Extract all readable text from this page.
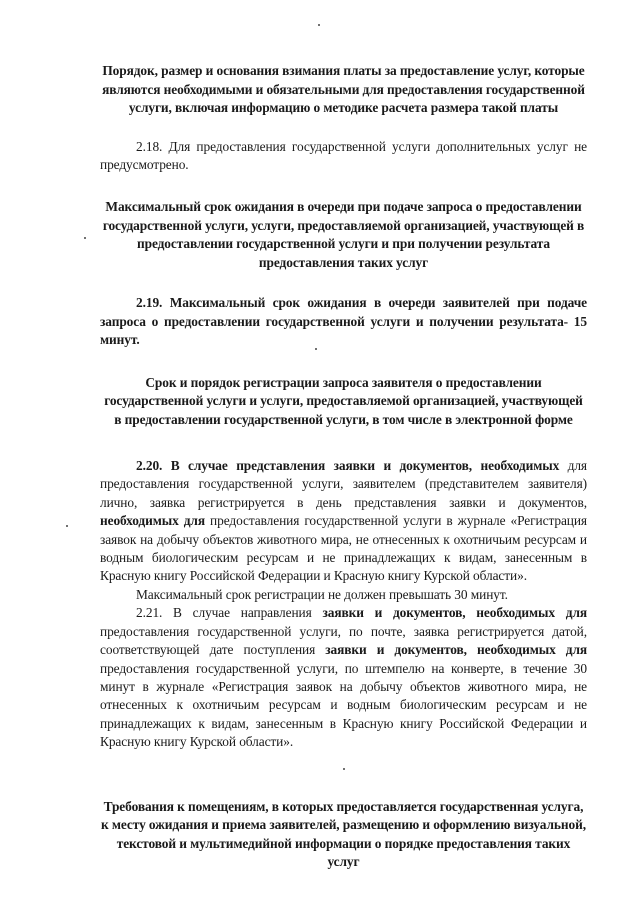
Порядок, размер и основания взимания платы за предоставление услуг, которые являются необходимыми и обязательными для предоставления государственной услуги, включая информацию о методике расчета размера такой платы

2.18. Для предоставления государственной услуги дополнительных услуг не предусмотрено.

Максимальный срок ожидания в очереди при подаче запроса о предоставлении государственной услуги, услуги, предоставляемой организацией, участвующей в предоставлении государственной услуги и при получении результата предоставления таких услуг

2.19. Максимальный срок ожидания в очереди заявителей при подаче запроса о предоставлении государственной услуги и получении результата- 15 минут.

Срок и порядок регистрации запроса заявителя о предоставлении государственной услуги и услуги, предоставляемой организацией, участвующей в предоставлении государственной услуги, в том числе в электронной форме

2.20. В случае представления заявки и документов, необходимых для предоставления государственной услуги, заявителем (представителем заявителя) лично, заявка регистрируется в день представления заявки и документов, необходимых для предоставления государственной услуги в журнале «Регистрация заявок на добычу объектов животного мира, не отнесенных к охотничьим ресурсам и водным биологическим ресурсам и не принадлежащих к видам, занесенным в Красную книгу Российской Федерации и Красную книгу Курской области».

Максимальный срок регистрации не должен превышать 30 минут.

2.21. В случае направления заявки и документов, необходимых для предоставления государственной услуги, по почте, заявка регистрируется датой, соответствующей дате поступления заявки и документов, необходимых для предоставления государственной услуги, по штемпелю на конверте, в течение 30 минут в журнале «Регистрация заявок на добычу объектов животного мира, не отнесенных к охотничьим ресурсам и водным биологическим ресурсам и не принадлежащих к видам, занесенным в Красную книгу Российской Федерации и Красную книгу Курской области».

Требования к помещениям, в которых предоставляется государственная услуга, к месту ожидания и приема заявителей, размещению и оформлению визуальной, текстовой и мультимедийной информации о порядке предоставления таких услуг
